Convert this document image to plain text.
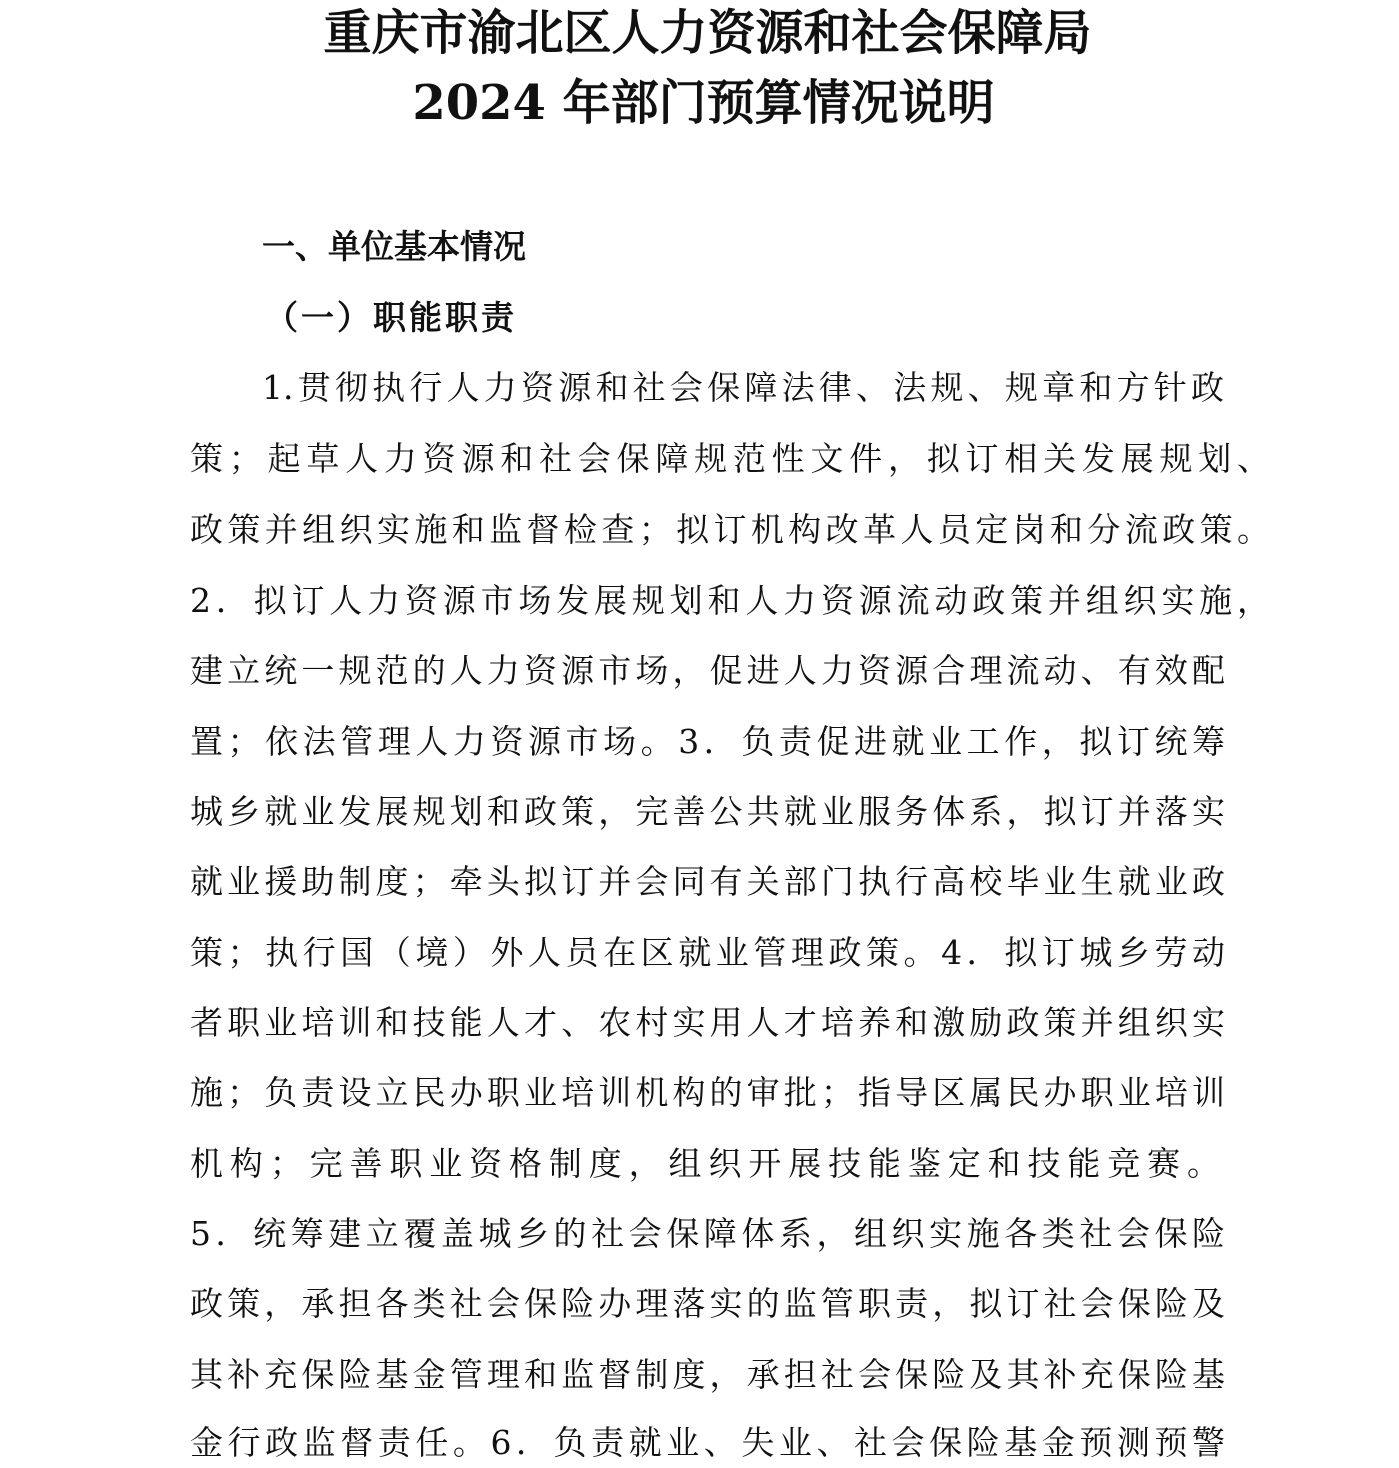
重庆市渝北区人力资源和社会保障局
2024 年部门预算情况说明
一、单位基本情况
（一）职能职责
1.贯彻执行人力资源和社会保障法律、法规、规章和方针政
策；起草人力资源和社会保障规范性文件，拟订相关发展规划、
政策并组织实施和监督检查；拟订机构改革人员定岗和分流政策。
2．拟订人力资源市场发展规划和人力资源流动政策并组织实施，
建立统一规范的人力资源市场，促进人力资源合理流动、有效配
置；依法管理人力资源市场。3．负责促进就业工作，拟订统筹
城乡就业发展规划和政策，完善公共就业服务体系，拟订并落实
就业援助制度；牵头拟订并会同有关部门执行高校毕业生就业政
策；执行国（境）外人员在区就业管理政策。4．拟订城乡劳动
者职业培训和技能人才、农村实用人才培养和激励政策并组织实
施；负责设立民办职业培训机构的审批；指导区属民办职业培训
机构；完善职业资格制度，组织开展技能鉴定和技能竞赛。
5．统筹建立覆盖城乡的社会保障体系，组织实施各类社会保险
政策，承担各类社会保险办理落实的监管职责，拟订社会保险及
其补充保险基金管理和监督制度，承担社会保险及其补充保险基
金行政监督责任。6．负责就业、失业、社会保险基金预测预警
